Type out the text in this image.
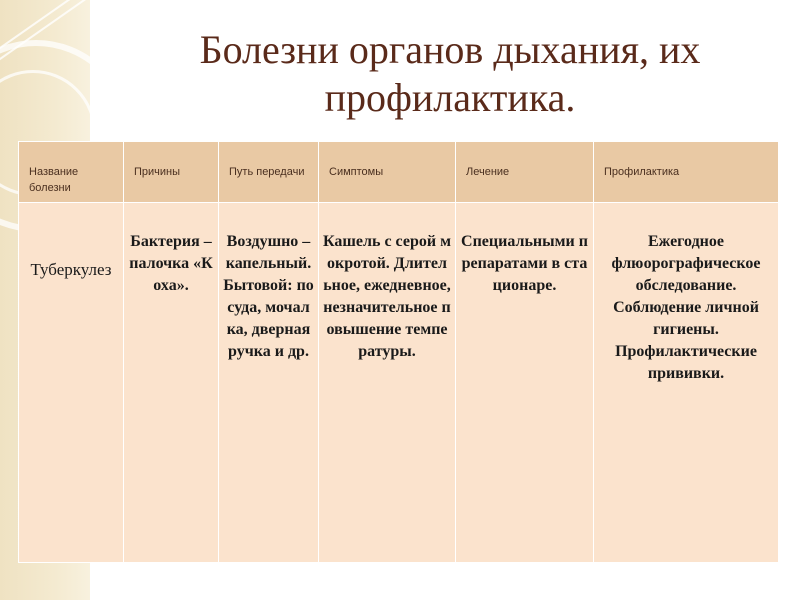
Болезни органов дыхания, их профилактика.
Название болезни	Причины	Путь передачи	Симптомы	Лечение	Профилактика
Туберкулез	Бактерия – палочка «Коха».	Воздушно – капельный. Бытовой: посуда, мочалка, дверная ручка и др.	Кашель с серой мокротой. Длительное, ежедневное, незначительное повышение температуры.	Специальными препаратами в стационаре.	Ежегодное флюорографическое обследование. Соблюдение личной гигиены. Профилактические прививки.
